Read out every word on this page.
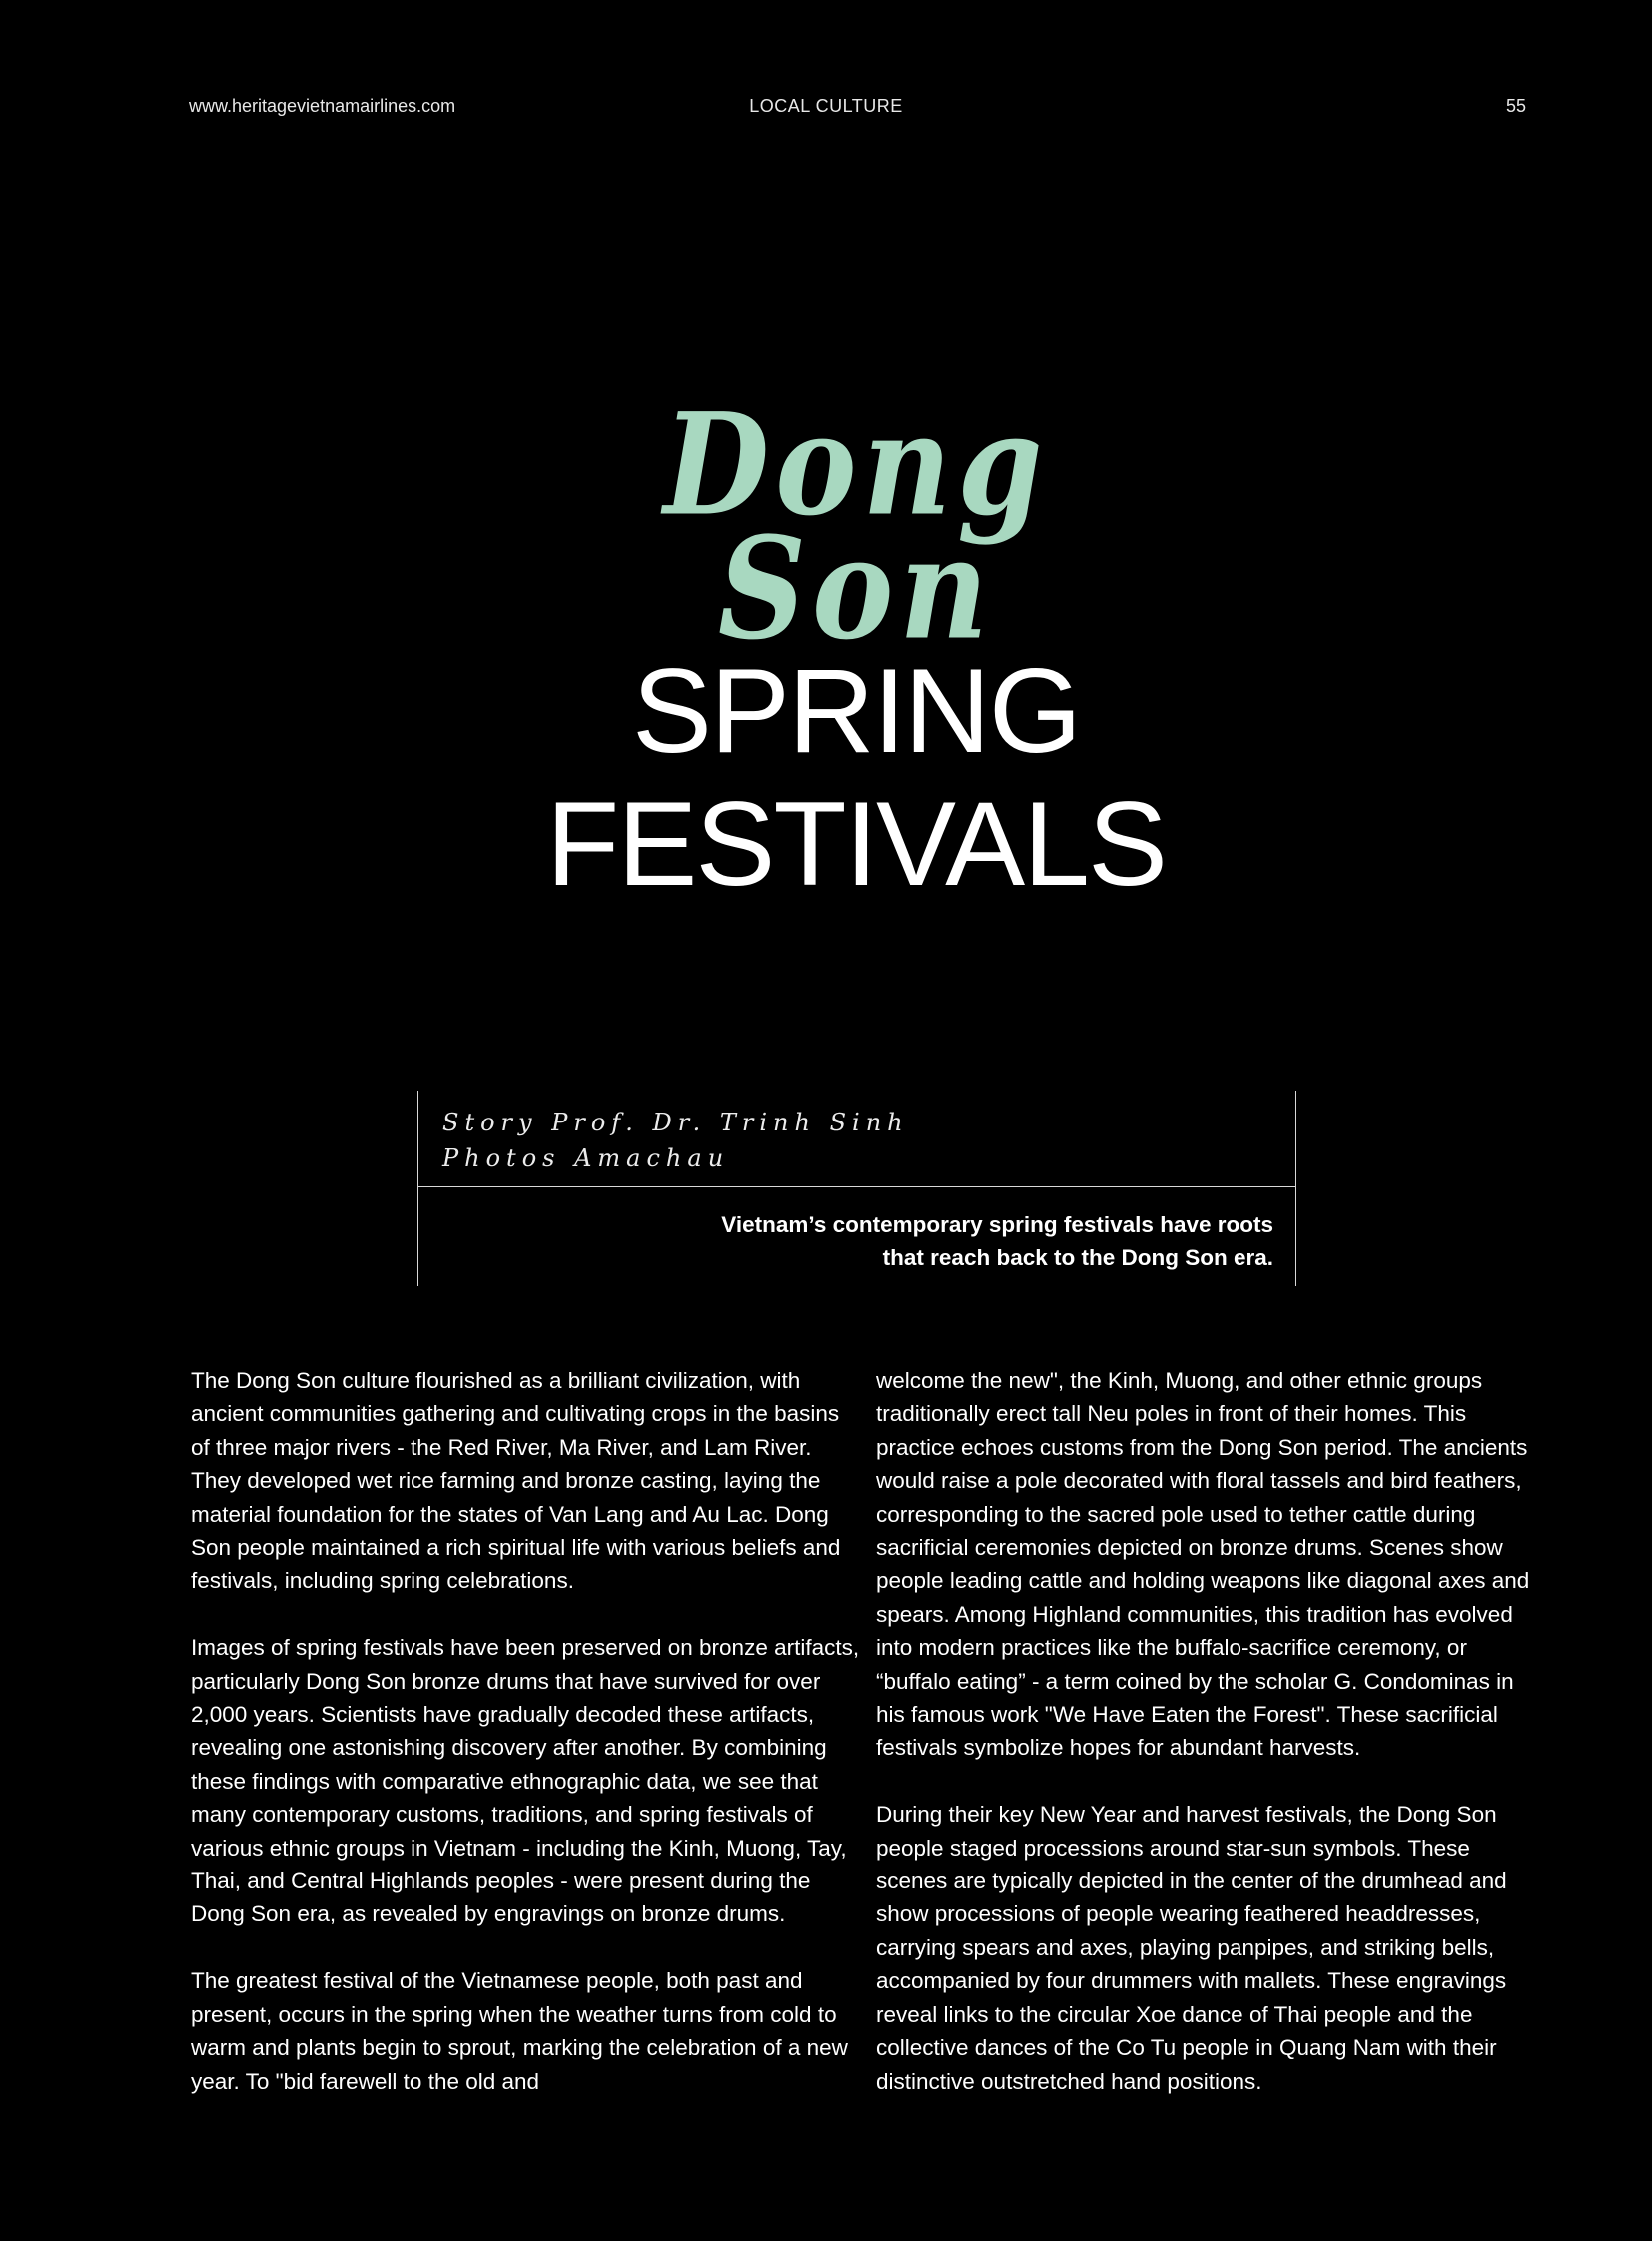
www.heritagevietnamairlines.com	LOCAL CULTURE	55
Dong
Son
SPRING
FESTIVALS
Story Prof. Dr. Trinh Sinh
Photos Amachau
Vietnam’s contemporary spring festivals have roots that reach back to the Dong Son era.

The Dong Son culture flourished as a brilliant civilization, with ancient communities gathering and cultivating crops in the basins of three major rivers - the Red River, Ma River, and Lam River. They developed wet rice farming and bronze casting, laying the material foundation for the states of Van Lang and Au Lac. Dong Son people maintained a rich spiritual life with various beliefs and festivals, including spring celebrations.

Images of spring festivals have been preserved on bronze artifacts, particularly Dong Son bronze drums that have survived for over 2,000 years. Scientists have gradually decoded these artifacts, revealing one astonishing discovery after another. By combining these findings with comparative ethnographic data, we see that many contemporary customs, traditions, and spring festivals of various ethnic groups in Vietnam - including the Kinh, Muong, Tay, Thai, and Central Highlands peoples - were present during the Dong Son era, as revealed by engravings on bronze drums.

The greatest festival of the Vietnamese people, both past and present, occurs in the spring when the weather turns from cold to warm and plants begin to sprout, marking the celebration of a new year. To "bid farewell to the old and

welcome the new", the Kinh, Muong, and other ethnic groups traditionally erect tall Neu poles in front of their homes. This practice echoes customs from the Dong Son period. The ancients would raise a pole decorated with floral tassels and bird feathers, corresponding to the sacred pole used to tether cattle during sacrificial ceremonies depicted on bronze drums. Scenes show people leading cattle and holding weapons like diagonal axes and spears. Among Highland communities, this tradition has evolved into modern practices like the buffalo-sacrifice ceremony, or “buffalo eating” - a term coined by the scholar G. Condominas in his famous work "We Have Eaten the Forest". These sacrificial festivals symbolize hopes for abundant harvests.

During their key New Year and harvest festivals, the Dong Son people staged processions around star-sun symbols. These scenes are typically depicted in the center of the drumhead and show processions of people wearing feathered headdresses, carrying spears and axes, playing panpipes, and striking bells, accompanied by four drummers with mallets. These engravings reveal links to the circular Xoe dance of Thai people and the collective dances of the Co Tu people in Quang Nam with their distinctive outstretched hand positions.
